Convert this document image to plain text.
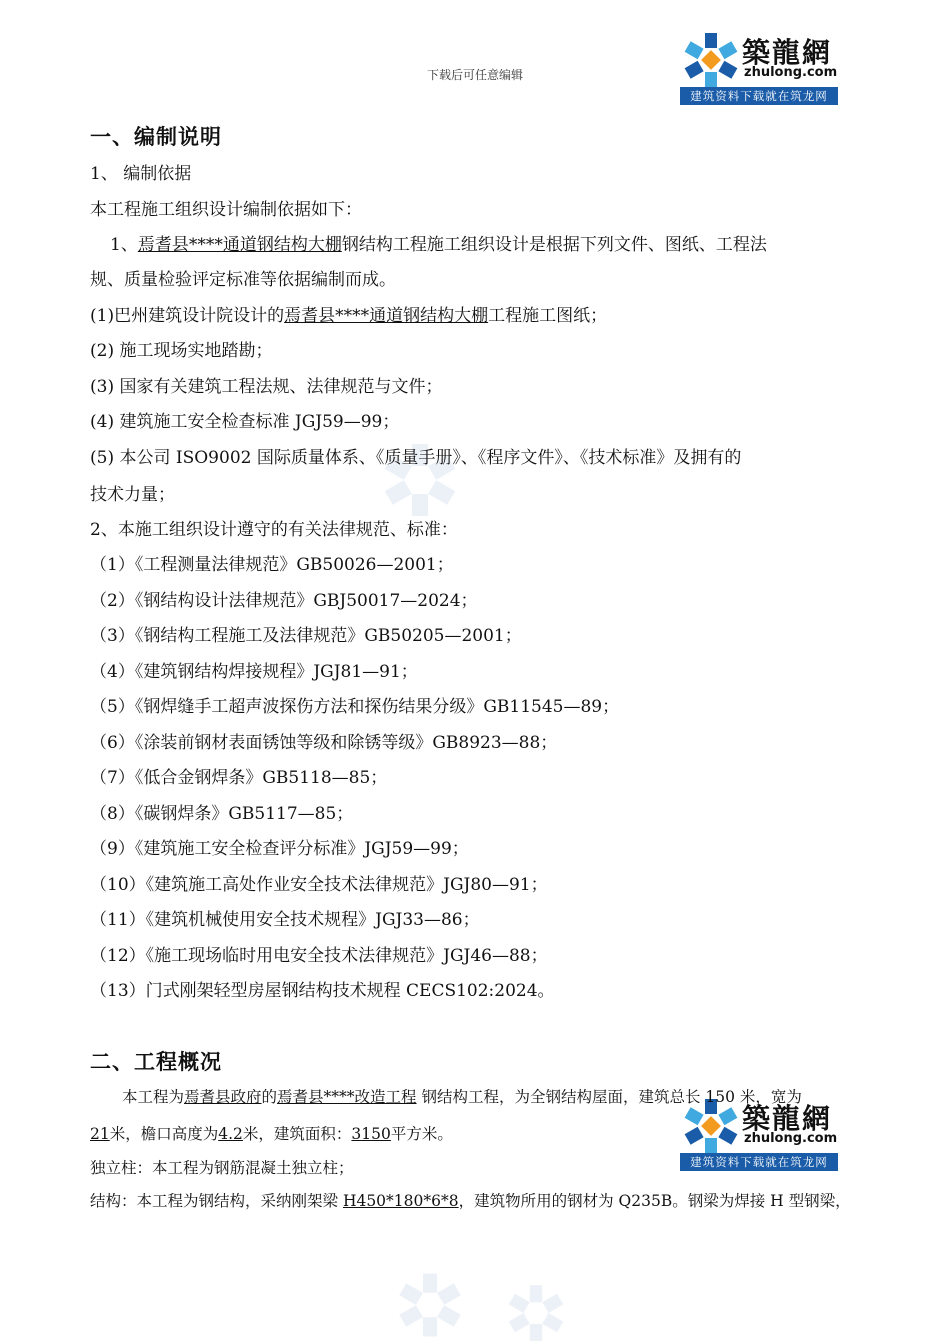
下载后可任意编辑
築龍網
zhulong.com
建筑资料下载就在筑龙网
築龍網
zhulong.com
建筑资料下载就在筑龙网
一、编制说明
1、 编制依据
本工程施工组织设计编制依据如下：
1、焉耆县****通道钢结构大棚钢结构工程施工组织设计是根据下列文件、图纸、工程法
规、质量检验评定标准等依据编制而成。
(1)巴州建筑设计院设计的焉耆县****通道钢结构大棚工程施工图纸；
(2) 施工现场实地踏勘；
(3) 国家有关建筑工程法规、法律规范与文件；
(4) 建筑施工安全检查标准 JGJ59—99；
(5) 本公司 ISO9002 国际质量体系、《质量手册》、《程序文件》、《技术标准》及拥有的
技术力量；
2、本施工组织设计遵守的有关法律规范、标准：
（1）《工程测量法律规范》GB50026—2001；
（2）《钢结构设计法律规范》GBJ50017—2024；
（3）《钢结构工程施工及法律规范》GB50205—2001；
（4）《建筑钢结构焊接规程》JGJ81—91；
（5）《钢焊缝手工超声波探伤方法和探伤结果分级》GB11545—89；
（6）《涂装前钢材表面锈蚀等级和除锈等级》GB8923—88；
（7）《低合金钢焊条》GB5118—85；
（8）《碳钢焊条》GB5117—85；
（9）《建筑施工安全检查评分标准》JGJ59—99；
（10）《建筑施工高处作业安全技术法律规范》JGJ80—91；
（11）《建筑机械使用安全技术规程》JGJ33—86；
（12）《施工现场临时用电安全技术法律规范》JGJ46—88；
（13）门式刚架轻型房屋钢结构技术规程 CECS102:2024。
二、工程概况
本工程为焉耆县政府的焉耆县****改造工程 钢结构工程，为全钢结构屋面，建筑总长 150 米，宽为
21米，檐口高度为4.2米，建筑面积：3150平方米。
独立柱：本工程为钢筋混凝土独立柱；
结构：本工程为钢结构，采纳刚架梁 H450*180*6*8，建筑物所用的钢材为 Q235B。钢梁为焊接 H 型钢梁，
